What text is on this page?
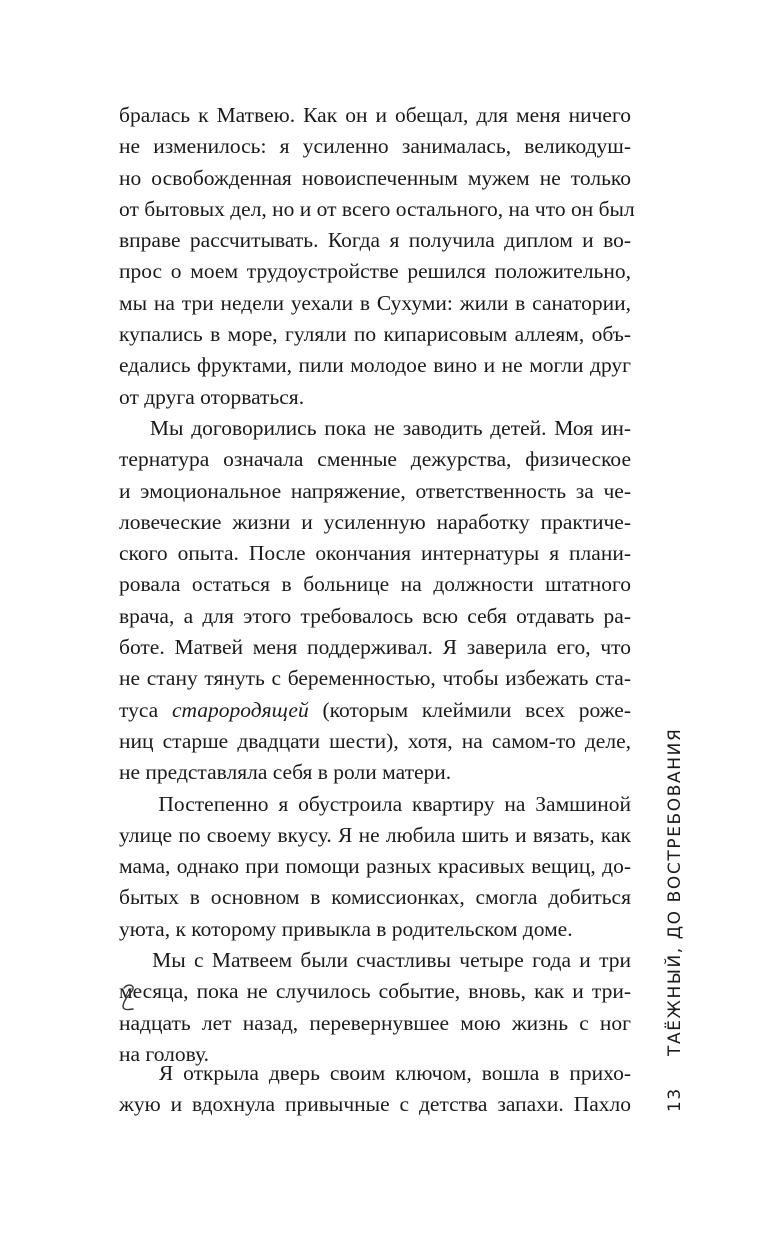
бралась к Матвею. Как он и обещал, для меня ничего
не изменилось: я усиленно занималась, великодуш-
но освобожденная новоиспеченным мужем не только
от бытовых дел, но и от всего остального, на что он был
вправе рассчитывать. Когда я получила диплом и во-
прос о моем трудоустройстве решился положительно,
мы на три недели уехали в Сухуми: жили в санатории,
купались в море, гуляли по кипарисовым аллеям, объ-
едались фруктами, пили молодое вино и не могли друг
от друга оторваться.
Мы договорились пока не заводить детей. Моя ин-
тернатура означала сменные дежурства, физическое
и эмоциональное напряжение, ответственность за че-
ловеческие жизни и усиленную наработку практиче-
ского опыта. После окончания интернатуры я плани-
ровала остаться в больнице на должности штатного
врача, а для этого требовалось всю себя отдавать ра-
боте. Матвей меня поддерживал. Я заверила его, что
не стану тянуть с беременностью, чтобы избежать ста-
туса старородящей (которым клеймили всех роже-
ниц старше двадцати шести), хотя, на самом-то деле,
не представляла себя в роли матери.
Постепенно я обустроила квартиру на Замшиной
улице по своему вкусу. Я не любила шить и вязать, как
мама, однако при помощи разных красивых вещиц, до-
бытых в основном в комиссионках, смогла добиться
уюта, к которому привыкла в родительском доме.
Мы с Матвеем были счастливы четыре года и три
месяца, пока не случилось событие, вновь, как и три-
надцать лет назад, перевернувшее мою жизнь с ног
на голову.
Я открыла дверь своим ключом, вошла в прихо-
жую и вдохнула привычные с детства запахи. Пахло
ТАЁЖНЫЙ, ДО ВОСТРЕБОВАНИЯ
13
